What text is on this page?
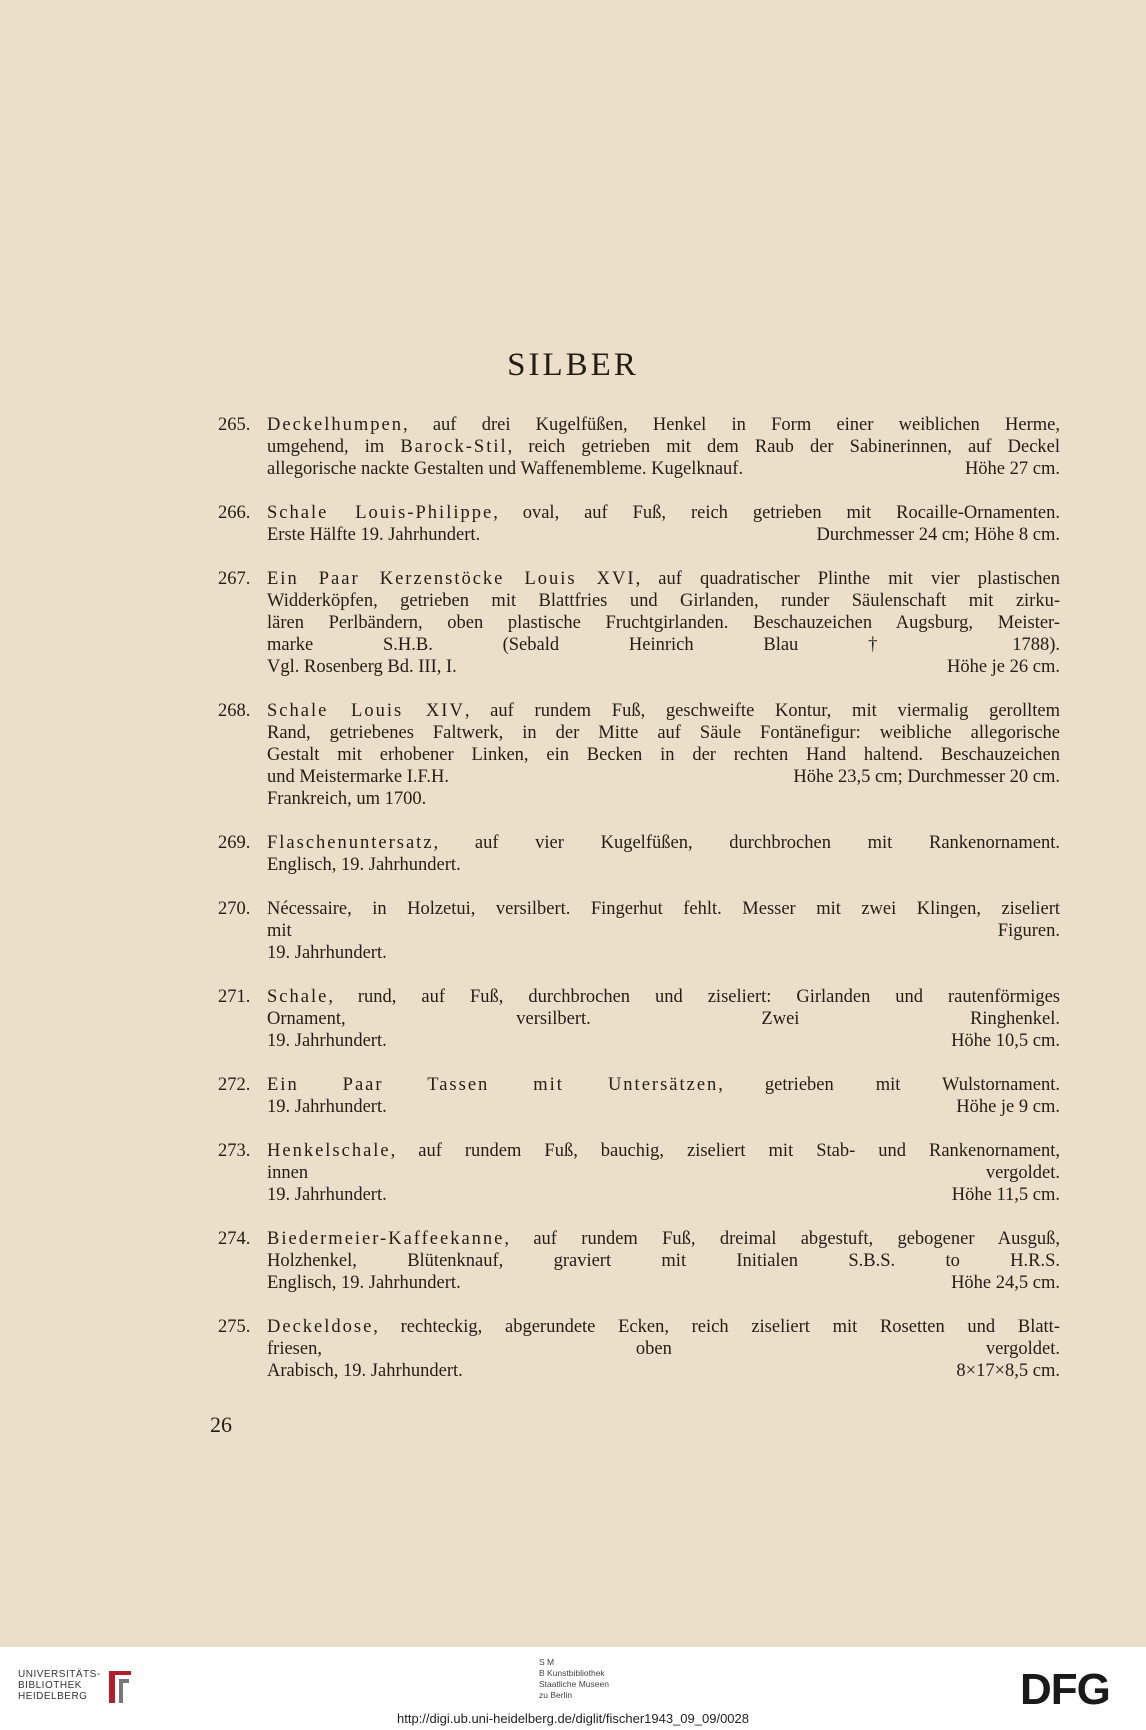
SILBER
265. Deckelhumpen, auf drei Kugelfüßen, Henkel in Form einer weiblichen Herme,
umgehend, im Barock-Stil, reich getrieben mit dem Raub der Sabinerinnen, auf Deckel
allegorische nackte Gestalten und Waffenembleme. Kugelknauf.	Höhe 27 cm.
266. Schale Louis-Philippe, oval, auf Fuß, reich getrieben mit Rocaille-Ornamenten.
Erste Hälfte 19. Jahrhundert.	Durchmesser 24 cm; Höhe 8 cm.
267. Ein Paar Kerzenstöcke Louis XVI, auf quadratischer Plinthe mit vier plastischen
Widderköpfen, getrieben mit Blattfries und Girlanden, runder Säulenschaft mit zirku-
lären Perlbändern, oben plastische Fruchtgirlanden. Beschauzeichen Augsburg, Meister-
marke S.H.B. (Sebald Heinrich Blau † 1788).
Vgl. Rosenberg Bd. III, I.	Höhe je 26 cm.
268. Schale Louis XIV, auf rundem Fuß, geschweifte Kontur, mit viermalig gerolltem
Rand, getriebenes Faltwerk, in der Mitte auf Säule Fontänefigur: weibliche allegorische
Gestalt mit erhobener Linken, ein Becken in der rechten Hand haltend. Beschauzeichen
und Meistermarke I.F.H.	Höhe 23,5 cm; Durchmesser 20 cm.
Frankreich, um 1700.
269. Flaschenuntersatz, auf vier Kugelfüßen, durchbrochen mit Rankenornament.
Englisch, 19. Jahrhundert.
270. Nécessaire, in Holzetui, versilbert. Fingerhut fehlt. Messer mit zwei Klingen, ziseliert
mit Figuren.
19. Jahrhundert.
271. Schale, rund, auf Fuß, durchbrochen und ziseliert: Girlanden und rautenförmiges
Ornament, versilbert. Zwei Ringhenkel.
19. Jahrhundert.	Höhe 10,5 cm.
272. Ein Paar Tassen mit Untersätzen, getrieben mit Wulstornament.
19. Jahrhundert.	Höhe je 9 cm.
273. Henkelschale, auf rundem Fuß, bauchig, ziseliert mit Stab- und Rankenornament,
innen vergoldet.
19. Jahrhundert.	Höhe 11,5 cm.
274. Biedermeier-Kaffeekanne, auf rundem Fuß, dreimal abgestuft, gebogener Ausguß,
Holzhenkel, Blütenknauf, graviert mit Initialen S.B.S. to H.R.S.
Englisch, 19. Jahrhundert.	Höhe 24,5 cm.
275. Deckeldose, rechteckig, abgerundete Ecken, reich ziseliert mit Rosetten und Blatt-
friesen, oben vergoldet.
Arabisch, 19. Jahrhundert.	8×17×8,5 cm.
26
UNIVERSITÄTS-
BIBLIOTHEK
HEIDELBERG
S M
B Kunstbibliothek
Staatliche Museen
zu Berlin	DFG
http://digi.ub.uni-heidelberg.de/diglit/fischer1943_09_09/0028
